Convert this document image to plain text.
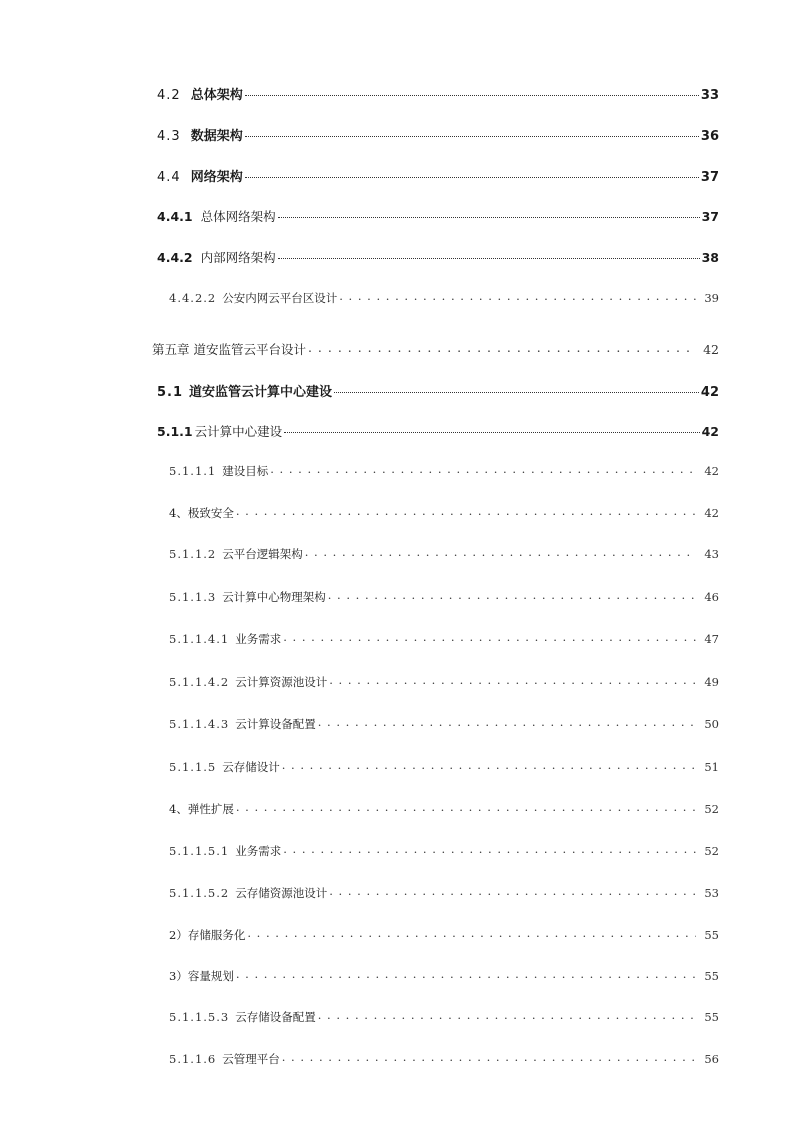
4.2 总体架构	33
4.3 数据架构	36
4.4 网络架构	37
4.4.1 总体网络架构	37
4.4.2 内部网络架构	38
4.4.2.2 公安内网云平台区设计 . . .	39
第五章 道安监管云平台设计 . . .	42
5.1 道安监管云计算中心建设	42
5.1.1 云计算中心建设	42
5.1.1.1 建设目标 . . .	42
4、极致安全 . . .	42
5.1.1.2 云平台逻辑架构 . . .	43
5.1.1.3 云计算中心物理架构 . . .	46
5.1.1.4.1 业务需求 . . .	47
5.1.1.4.2 云计算资源池设计 . . .	49
5.1.1.4.3 云计算设备配置 . . .	50
5.1.1.5 云存储设计 . . .	51
4、弹性扩展 . . .	52
5.1.1.5.1 业务需求 . . .	52
5.1.1.5.2 云存储资源池设计 . . .	53
2）存储服务化 . . .	55
3）容量规划 . . .	55
5.1.1.5.3 云存储设备配置 . . .	55
5.1.1.6 云管理平台 . . .	56
